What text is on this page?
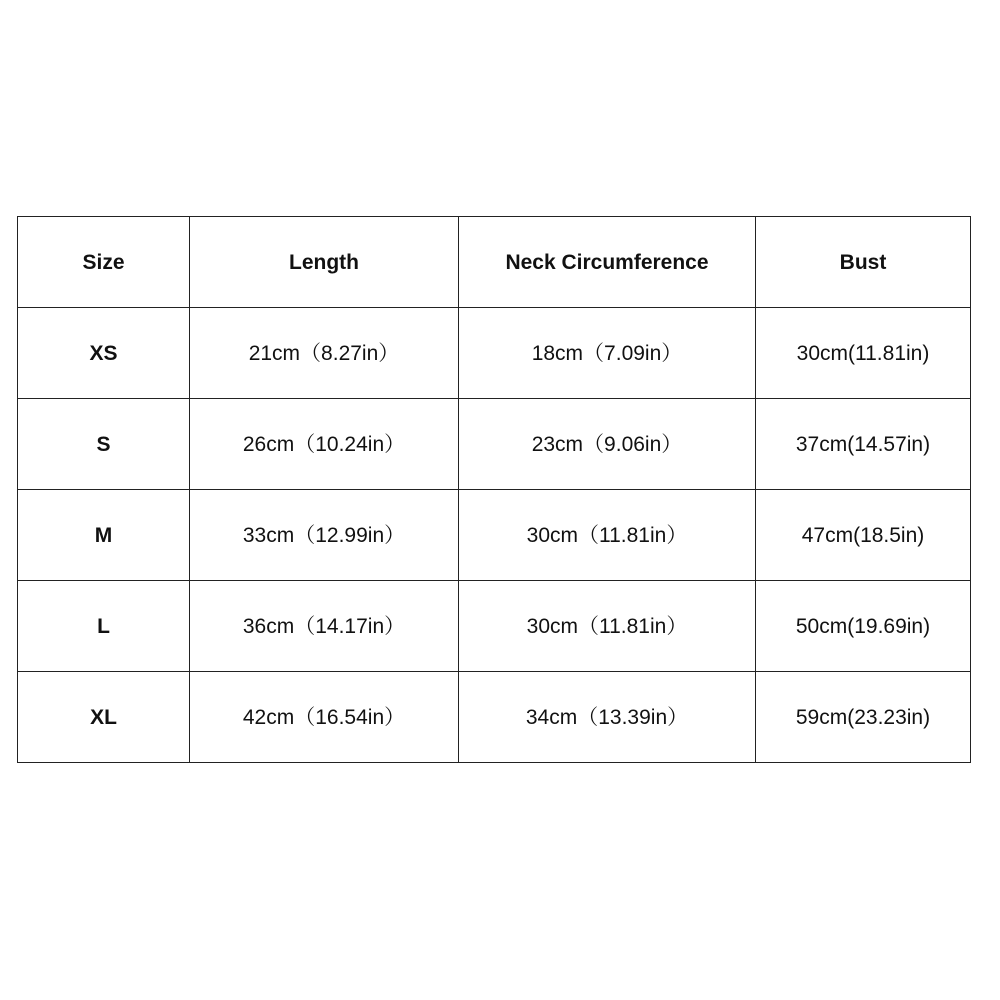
Size	Length	Neck Circumference	Bust
XS	21cm（8.27in）	18cm（7.09in）	30cm(11.81in)
S	26cm（10.24in）	23cm（9.06in）	37cm(14.57in)
M	33cm（12.99in）	30cm（11.81in）	47cm(18.5in)
L	36cm（14.17in）	30cm（11.81in）	50cm(19.69in)
XL	42cm（16.54in）	34cm（13.39in）	59cm(23.23in)
